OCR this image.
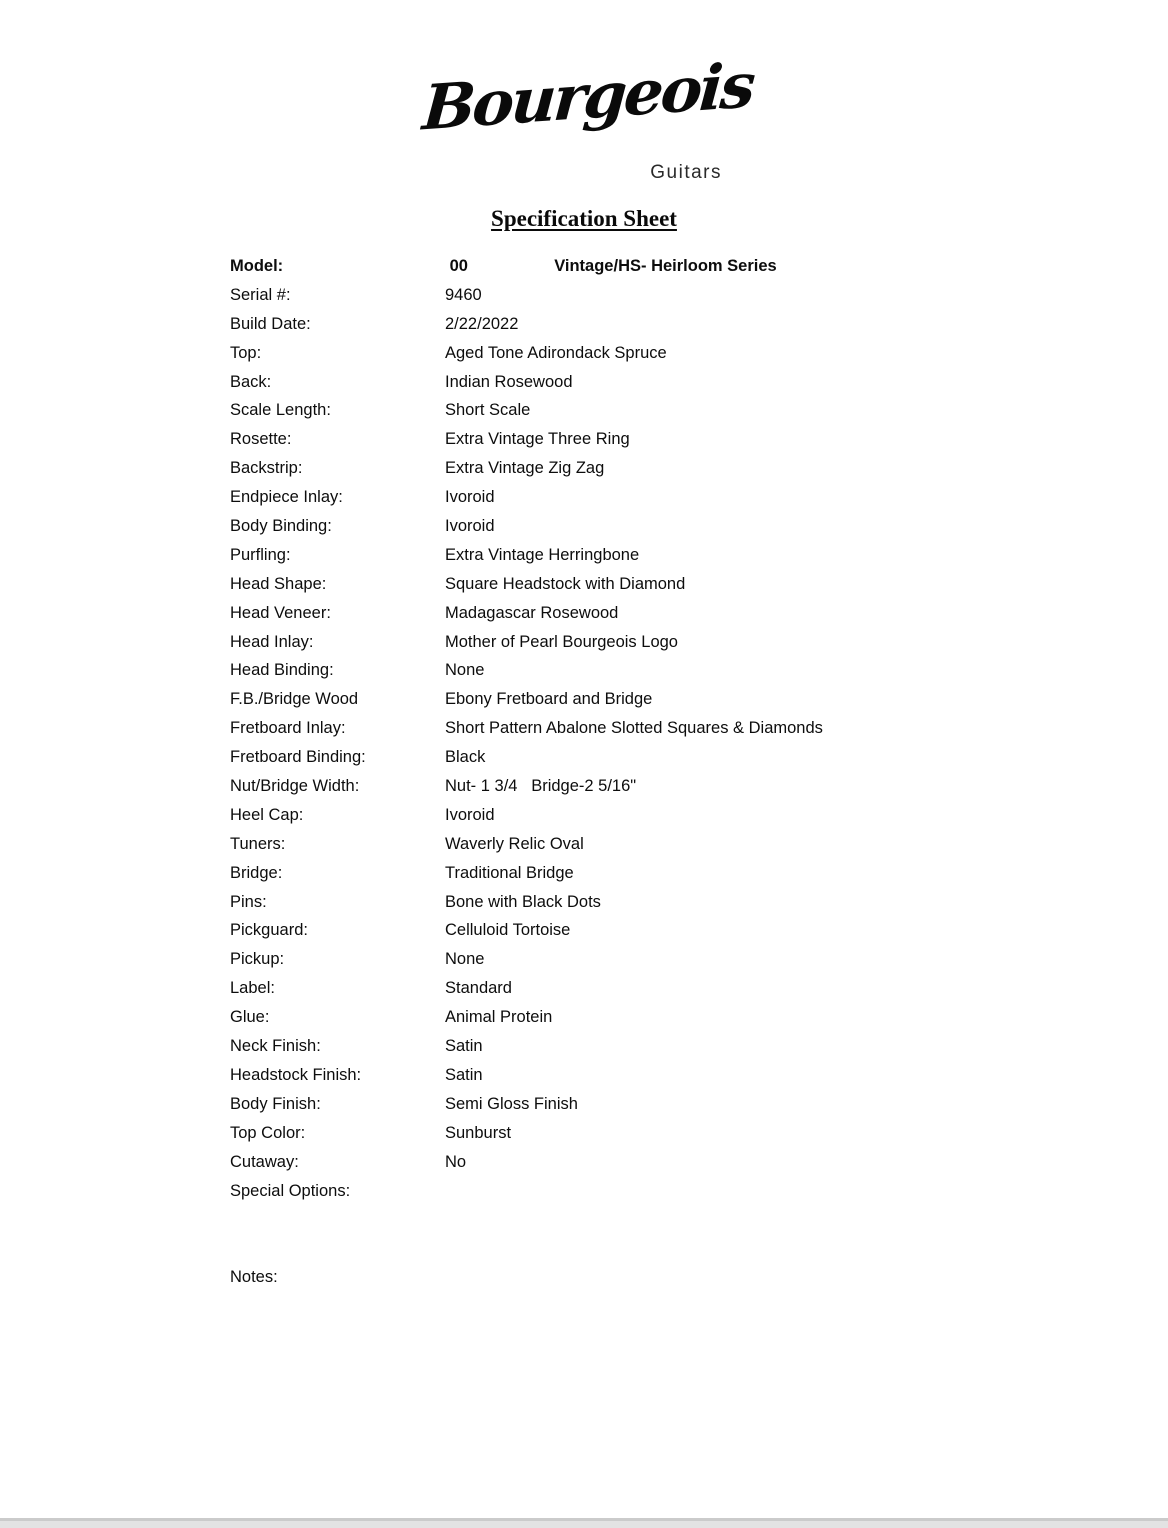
Bourgeois
Guitars
Specification Sheet
Model:	00	Vintage/HS- Heirloom Series
Serial #:	9460
Build Date:	2/22/2022
Top:	Aged Tone Adirondack Spruce
Back:	Indian Rosewood
Scale Length:	Short Scale
Rosette:	Extra Vintage Three Ring
Backstrip:	Extra Vintage Zig Zag
Endpiece Inlay:	Ivoroid
Body Binding:	Ivoroid
Purfling:	Extra Vintage Herringbone
Head Shape:	Square Headstock with Diamond
Head Veneer:	Madagascar Rosewood
Head Inlay:	Mother of Pearl Bourgeois Logo
Head Binding:	None
F.B./Bridge Wood	Ebony Fretboard and Bridge
Fretboard Inlay:	Short Pattern Abalone Slotted Squares & Diamonds
Fretboard Binding:	Black
Nut/Bridge Width:	Nut- 1 3/4   Bridge-2 5/16"
Heel Cap:	Ivoroid
Tuners:	Waverly Relic Oval
Bridge:	Traditional Bridge
Pins:	Bone with Black Dots
Pickguard:	Celluloid Tortoise
Pickup:	None
Label:	Standard
Glue:	Animal Protein
Neck Finish:	Satin
Headstock Finish:	Satin
Body Finish:	Semi Gloss Finish
Top Color:	Sunburst
Cutaway:	No
Special Options:
Notes:
